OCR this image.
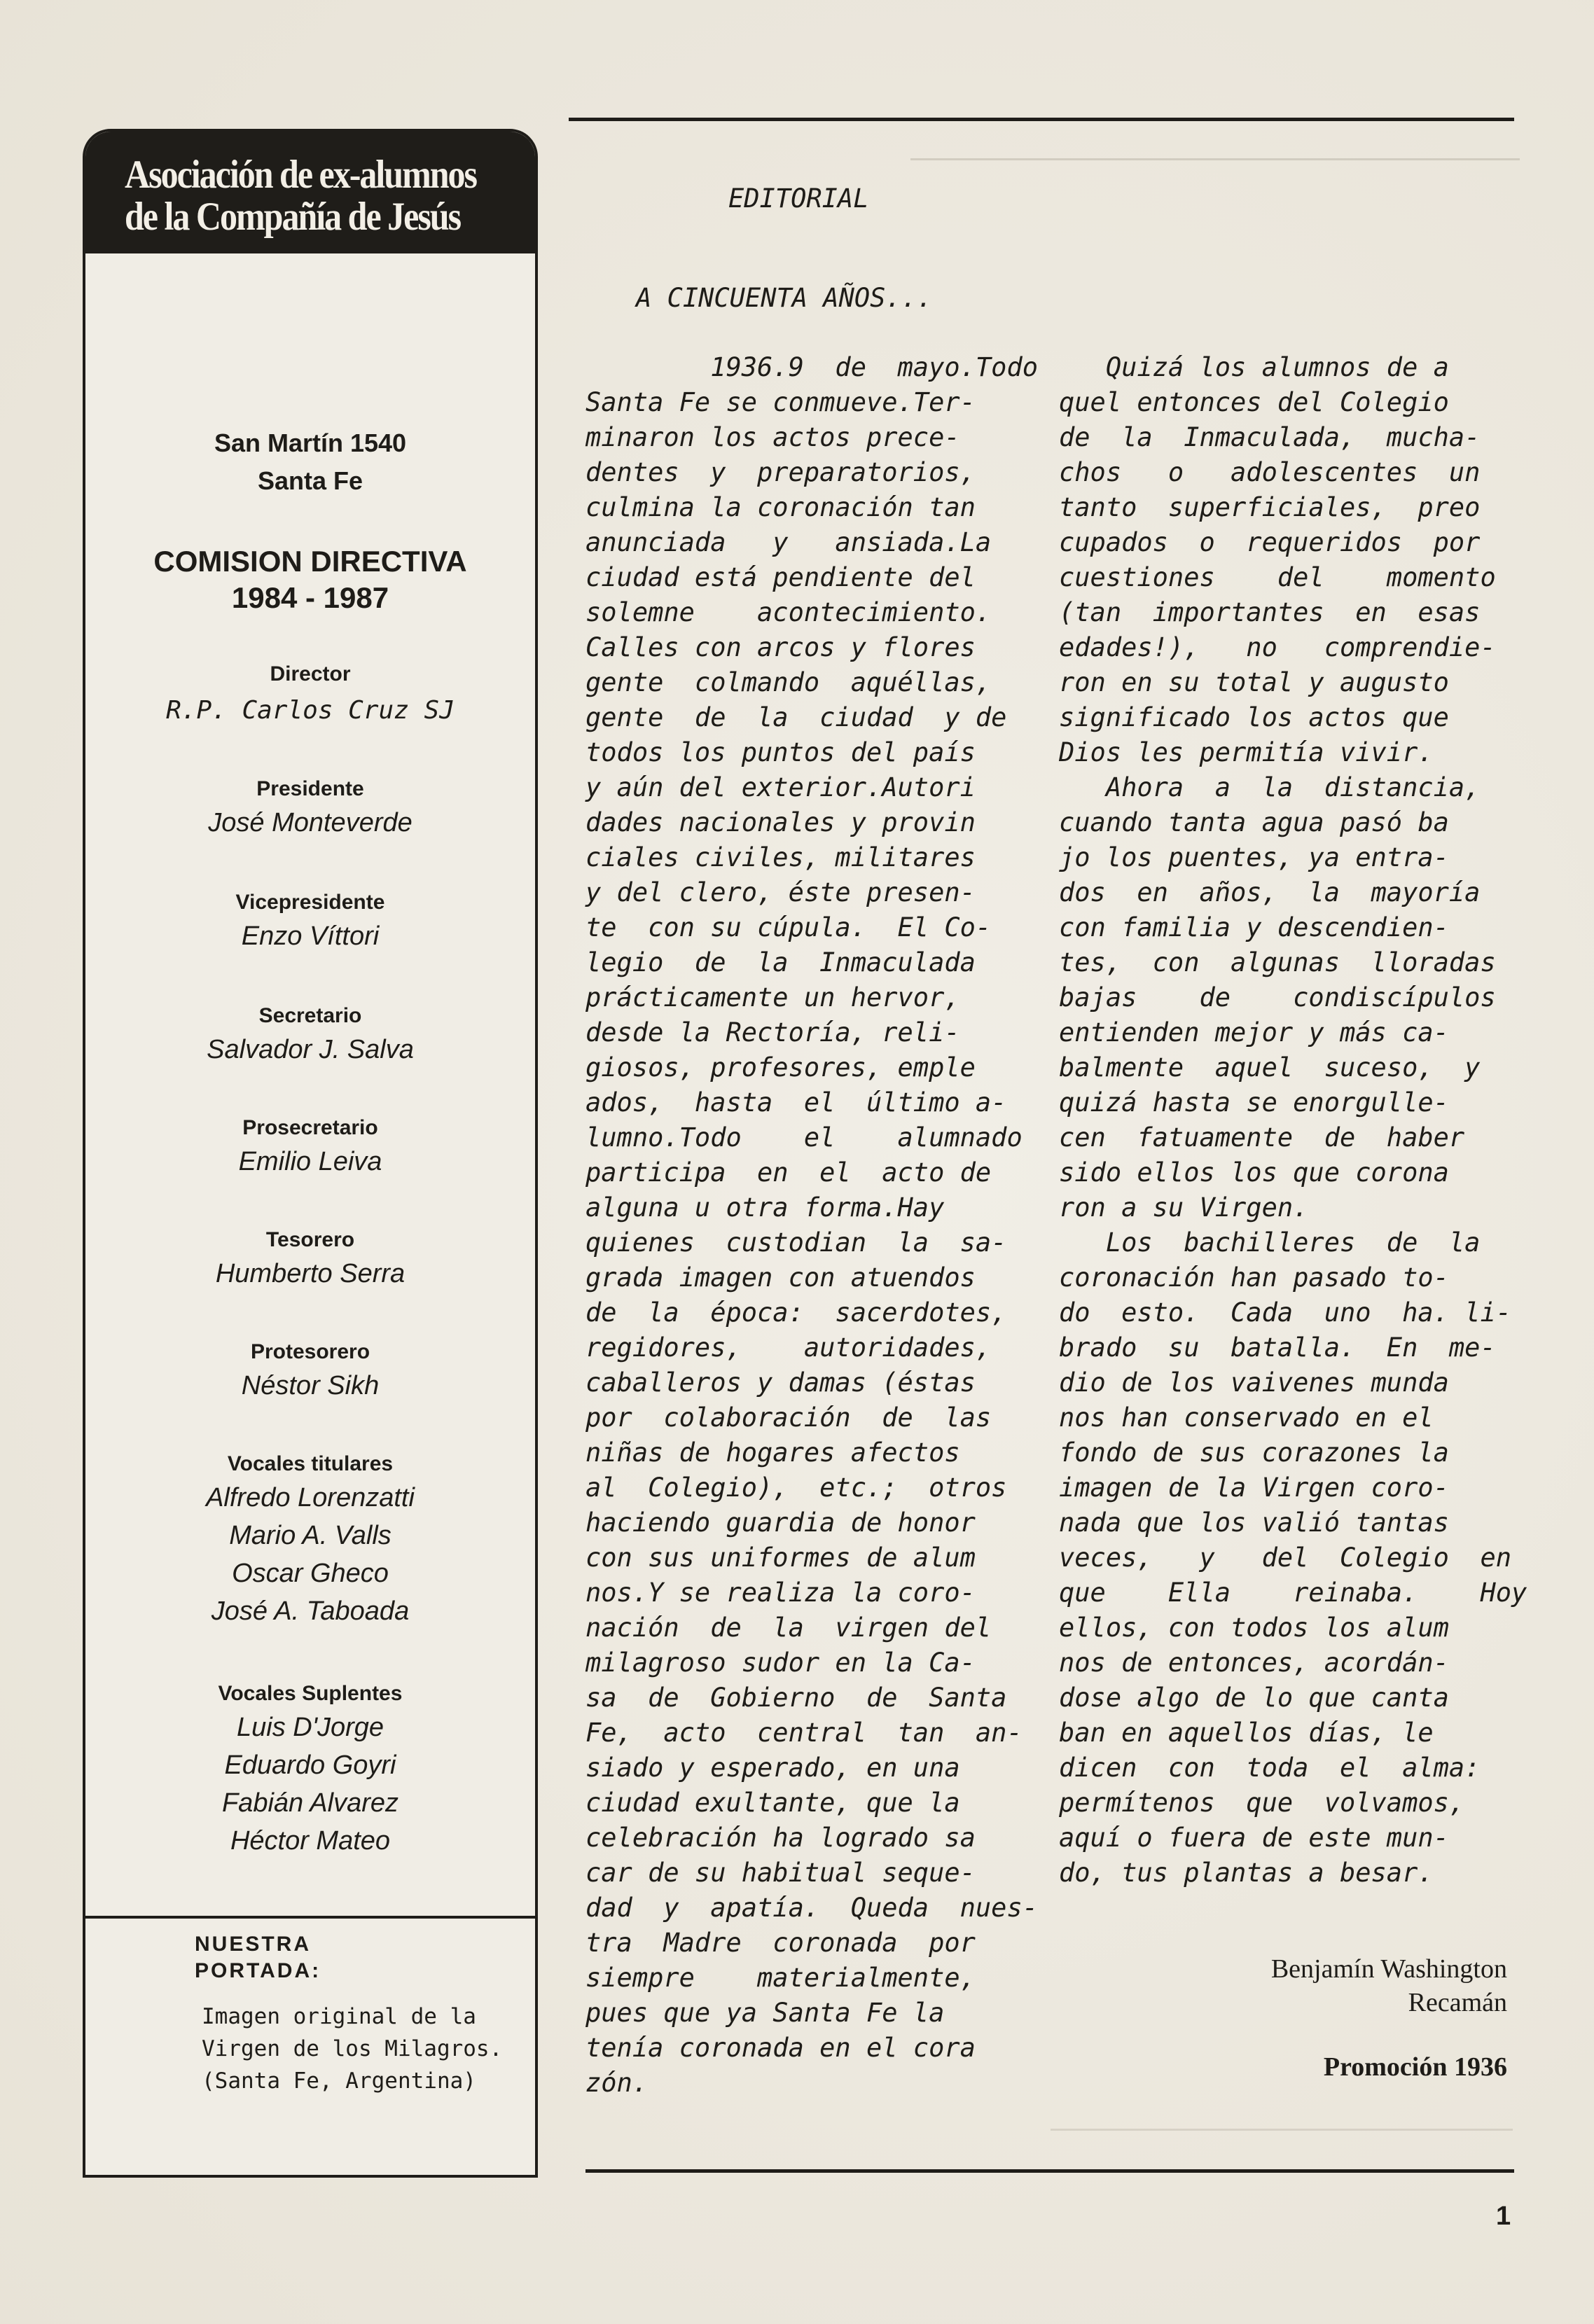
Asociación de ex-alumnos
de la Compañía de Jesús
San Martín 1540
Santa Fe
COMISION DIRECTIVA
1984 - 1987
Director
R.P. Carlos Cruz SJ
Presidente
José Monteverde
Vicepresidente
Enzo Víttori
Secretario
Salvador J. Salva
Prosecretario
Emilio Leiva
Tesorero
Humberto Serra
Protesorero
Néstor Sikh
Vocales titulares
Alfredo Lorenzatti
Mario A. Valls
Oscar Gheco
José A. Taboada
Vocales Suplentes
Luis D'Jorge
Eduardo Goyri
Fabián Alvarez
Héctor Mateo
NUESTRA
PORTADA:
Imagen original de la
Virgen de los Milagros.
(Santa Fe, Argentina)
EDITORIAL
A CINCUENTA AÑOS...
1936.9  de  mayo.Todo
Santa Fe se conmueve.Ter-
minaron los actos prece-
dentes  y  preparatorios,
culmina la coronación tan
anunciada   y   ansiada.La
ciudad está pendiente del
solemne    acontecimiento.
Calles con arcos y flores
gente  colmando  aquéllas,
gente  de  la  ciudad  y de
todos los puntos del país
y aún del exterior.Autori
dades nacionales y provin
ciales civiles, militares
y del clero, éste presen-
te  con su cúpula.  El Co-
legio  de  la  Inmaculada
prácticamente un hervor,
desde la Rectoría, reli-
giosos, profesores, emple
ados,  hasta  el  último a-
lumno.Todo    el    alumnado
participa  en  el  acto de
alguna u otra forma.Hay
quienes  custodian  la  sa-
grada imagen con atuendos
de  la  época:  sacerdotes,
regidores,    autoridades,
caballeros y damas (éstas
por  colaboración  de  las
niñas de hogares afectos
al  Colegio),  etc.;  otros
haciendo guardia de honor
con sus uniformes de alum
nos.Y se realiza la coro-
nación  de  la  virgen del
milagroso sudor en la Ca-
sa  de  Gobierno  de  Santa
Fe,  acto  central  tan  an-
siado y esperado, en una
ciudad exultante, que la
celebración ha logrado sa
car de su habitual seque-
dad  y  apatía.  Queda  nues-
tra  Madre  coronada  por
siempre    materialmente,
pues que ya Santa Fe la
tenía coronada en el cora
zón.
Quizá los alumnos de a
quel entonces del Colegio
de  la  Inmaculada,  mucha-
chos   o   adolescentes  un
tanto  superficiales,  preo
cupados  o  requeridos  por
cuestiones    del    momento
(tan  importantes  en  esas
edades!),   no   comprendie-
ron en su total y augusto
significado los actos que
Dios les permitía vivir.
Ahora  a  la  distancia,
cuando tanta agua pasó ba
jo los puentes, ya entra-
dos  en  años,  la  mayoría
con familia y descendien-
tes,  con  algunas  lloradas
bajas    de    condiscípulos
entienden mejor y más ca-
balmente  aquel  suceso,  y
quizá hasta se enorgulle-
cen  fatuamente  de  haber
sido ellos los que corona
ron a su Virgen.
Los  bachilleres  de  la
coronación han pasado to-
do  esto.  Cada  uno  ha. li-
brado  su  batalla.  En  me-
dio de los vaivenes munda
nos han conservado en el
fondo de sus corazones la
imagen de la Virgen coro-
nada que los valió tantas
veces,   y   del  Colegio  en
que    Ella    reinaba.    Hoy
ellos, con todos los alum
nos de entonces, acordán-
dose algo de lo que canta
ban en aquellos días, le
dicen  con  toda  el  alma:
permítenos  que  volvamos,
aquí o fuera de este mun-
do, tus plantas a besar.
Benjamín Washington
Recamán
Promoción 1936
1
